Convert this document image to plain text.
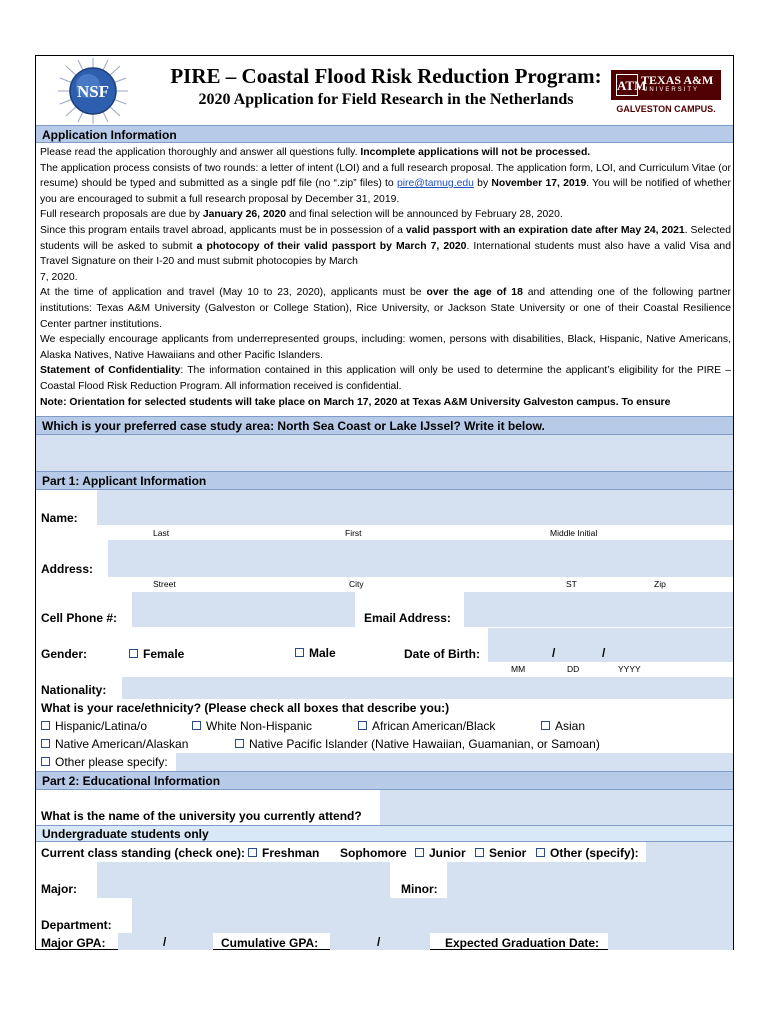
NSF
PIRE – Coastal Flood Risk Reduction Program:
2020 Application for Field Research in the Netherlands
ATM
TEXAS A&M
UNIVERSITY
GALVESTON CAMPUS.
Application Information

Please read the application thoroughly and answer all questions fully. Incomplete applications will not be processed.

The application process consists of two rounds: a letter of intent (LOI) and a full research proposal. The application form, LOI, and Curriculum Vitae (or resume) should be typed and submitted as a single pdf file (no “.zip” files) to pire@tamug.edu by November 17, 2019. You will be notified of whether you are encouraged to submit a full research proposal by December 31, 2019.

Full research proposals are due by January 26, 2020 and final selection will be announced by February 28, 2020.

Since this program entails travel abroad, applicants must be in possession of a valid passport with an expiration date after May 24, 2021. Selected students will be asked to submit a photocopy of their valid passport by March 7, 2020. International students must also have a valid Visa and Travel Signature on their I-20 and must submit photocopies by March

7, 2020.

At the time of application and travel (May 10 to 23, 2020), applicants must be over the age of 18 and attending one of the following partner institutions: Texas A&M University (Galveston or College Station), Rice University, or Jackson State University or one of their Coastal Resilience Center partner institutions.

We especially encourage applicants from underrepresented groups, including: women, persons with disabilities, Black, Hispanic, Native Americans, Alaska Natives, Native Hawaiians and other Pacific Islanders.

Statement of Confidentiality: The information contained in this application will only be used to determine the applicant’s eligibility for the PIRE – Coastal Flood Risk Reduction Program. All information received is confidential.

Note: Orientation for selected students will take place on March 17, 2020 at Texas A&M University Galveston campus. To ensure

Which is your preferred case study area: North Sea Coast or Lake IJssel? Write it below.
Part 1: Applicant Information
Name:
Last	First	Middle Initial
Address:
Street	City	ST	Zip
Cell Phone #:	Email Address:
Gender:	Female	Male	Date of Birth:	/	/
MM	DD	YYYY
Nationality:
What is your race/ethnicity? (Please check all boxes that describe you:)
Hispanic/Latina/o	White Non-Hispanic	African American/Black	Asian
Native American/Alaskan	Native Pacific Islander (Native Hawaiian, Guamanian, or Samoan)
Other please specify:
Part 2: Educational Information
What is the name of the university you currently attend?
Undergraduate students only
Current class standing (check one):	Freshman Sophomore	Junior	Senior	Other (specify):
Major:	Minor:
Department:
Major GPA:	/	Cumulative GPA:	/	Expected Graduation Date:
